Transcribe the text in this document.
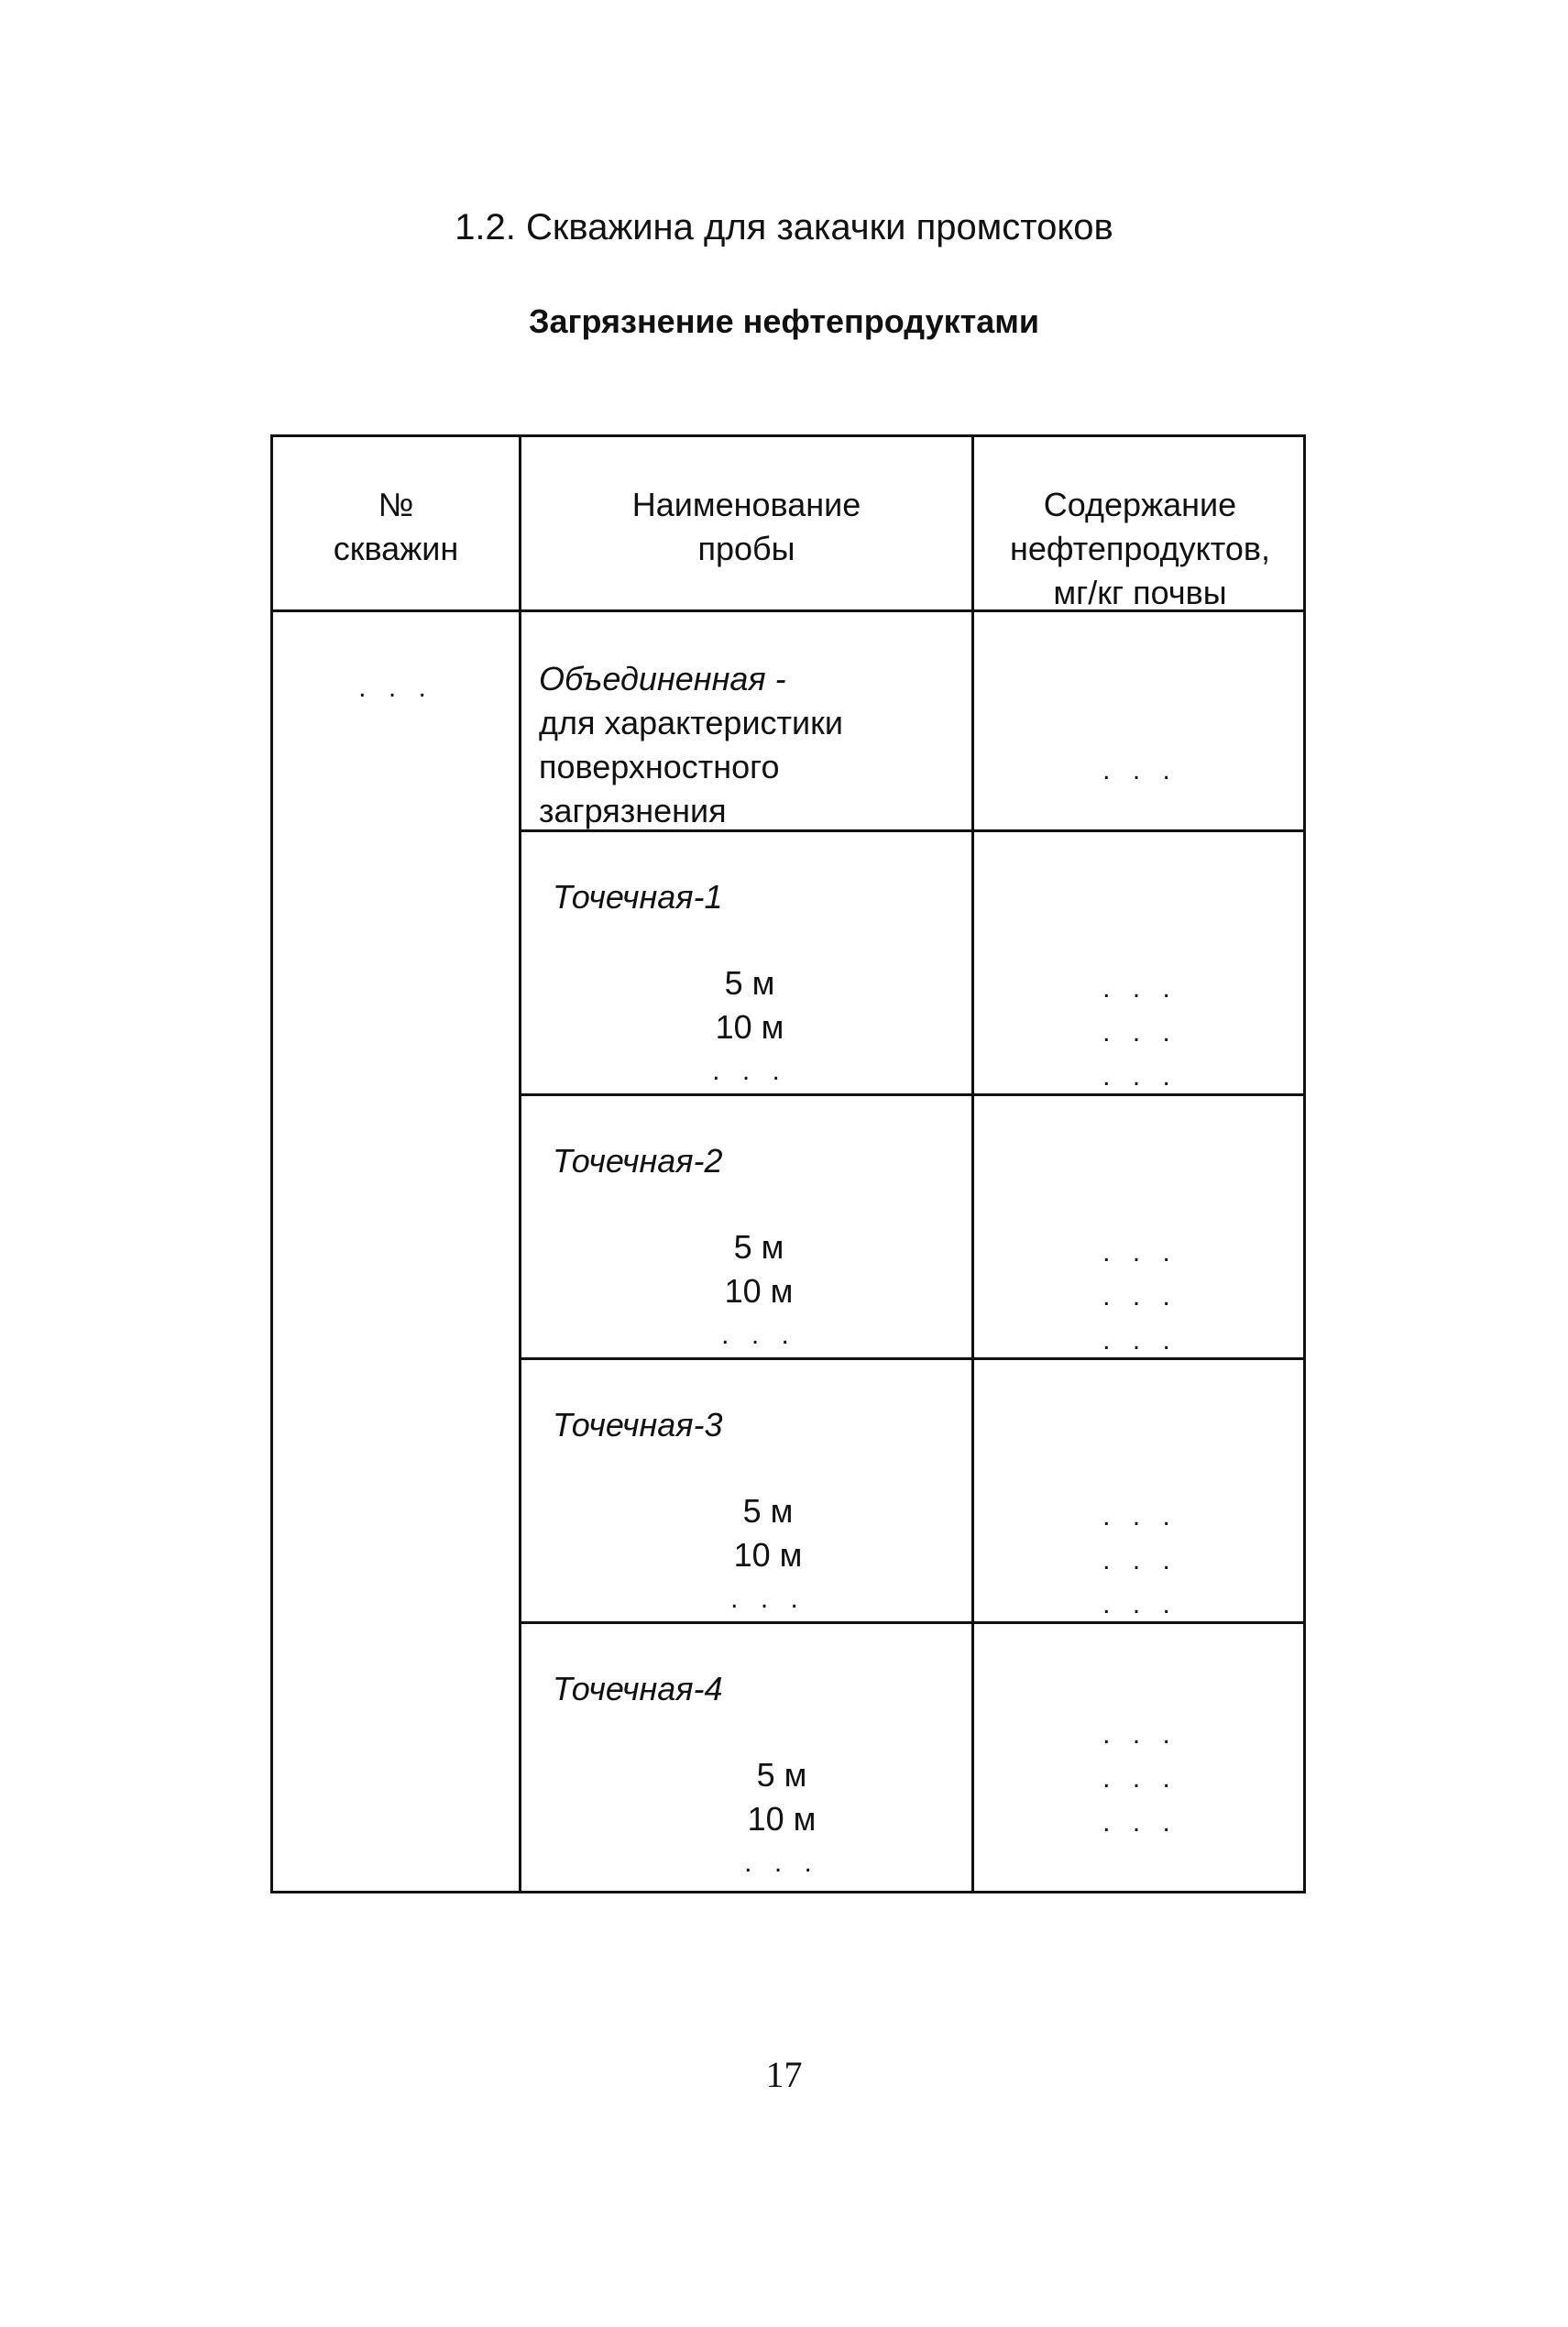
1.2. Скважина для закачки промстоков
Загрязнение нефтепродуктами
№
скважин
Наименование
пробы
Содержание
нефтепродуктов,
мг/кг почвы
. . .	Объединенная -
для характеристики
поверхностного
загрязнения
. . .
Точечная-1
5 м
10 м
. . .
. . .
. . .
. . .
Точечная-2
5 м
10 м
. . .
. . .
. . .
. . .
Точечная-3
5 м
10 м
. . .
. . .
. . .
. . .
Точечная-4
5 м
10 м
. . .
. . .
. . .
. . .
17
